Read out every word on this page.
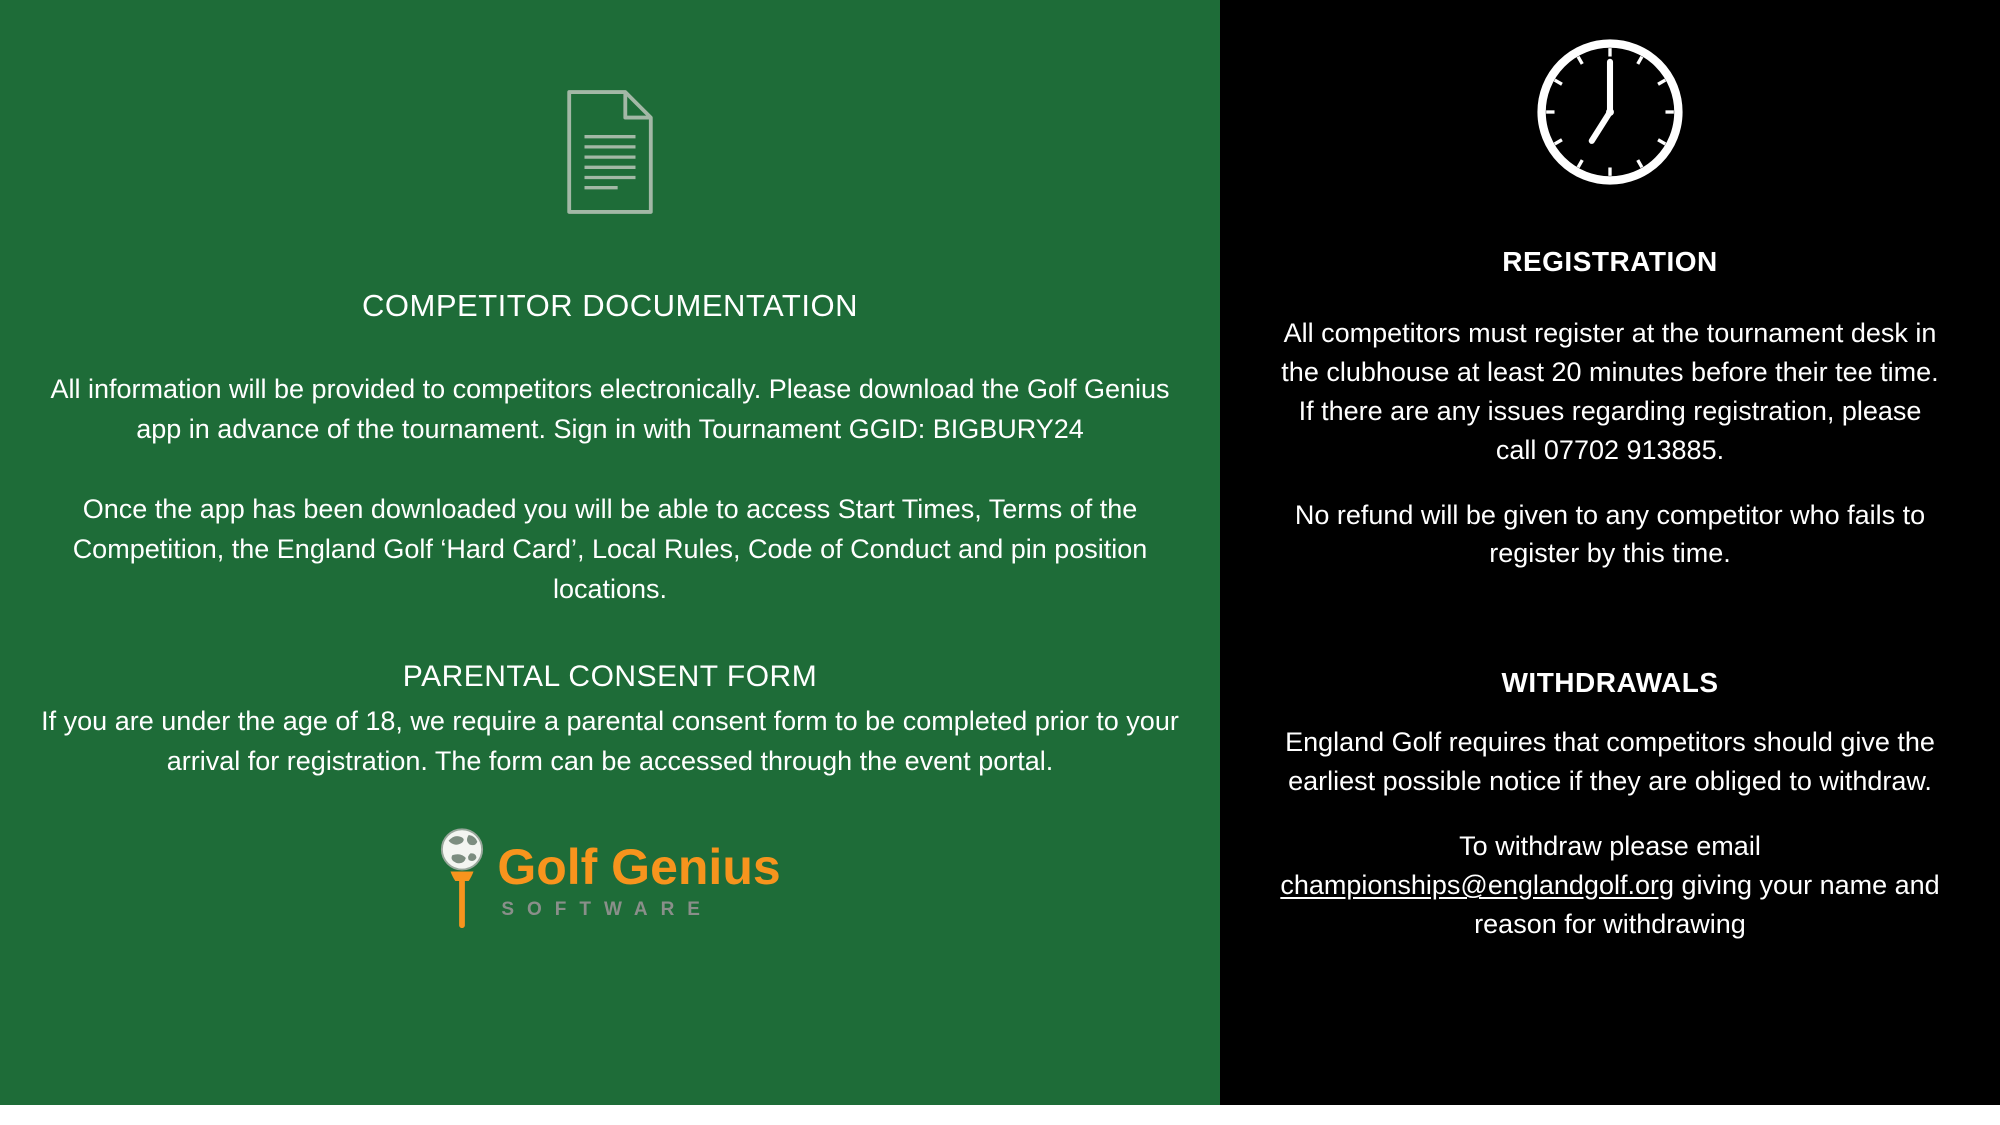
COMPETITOR DOCUMENTATION

All information will be provided to competitors electronically. Please download the Golf Genius app in advance of the tournament. Sign in with Tournament GGID: BIGBURY24

Once the app has been downloaded you will be able to access Start Times, Terms of the Competition, the England Golf ‘Hard Card’, Local Rules, Code of Conduct and pin position locations.

PARENTAL CONSENT FORM

If you are under the age of 18, we require a parental consent form to be completed prior to your arrival for registration. The form can be accessed through the event portal.

Golf Genius
SOFTWARE
REGISTRATION

All competitors must register at the tournament desk in the clubhouse at least 20 minutes before their tee time. If there are any issues regarding registration, please call 07702 913885.

No refund will be given to any competitor who fails to register by this time.

WITHDRAWALS

England Golf requires that competitors should give the earliest possible notice if they are obliged to withdraw.

To withdraw please email championships@englandgolf.org giving your name and reason for withdrawing
